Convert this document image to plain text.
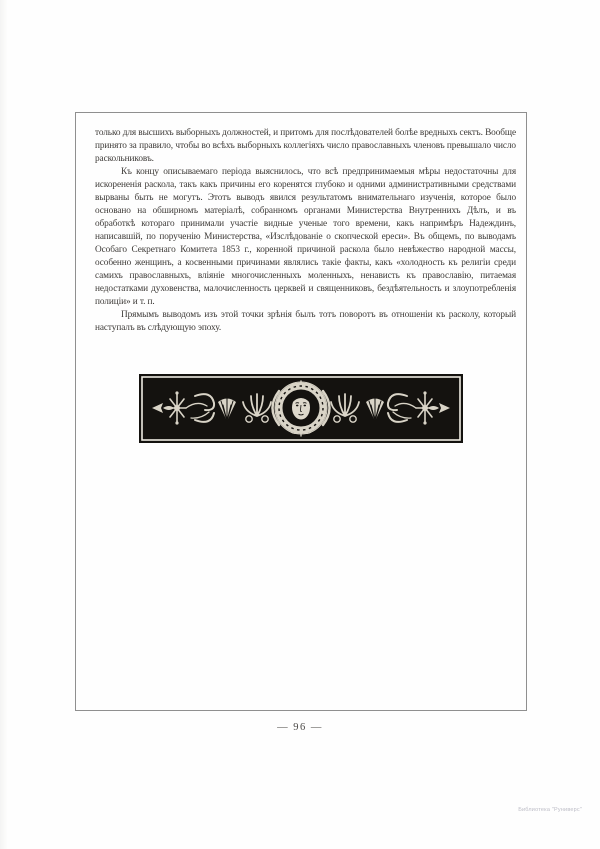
только для высшихъ выборныхъ должностей, и притомъ для послѣдователей болѣе вредныхъ сектъ. Вообще принято за правило, чтобы во всѣхъ выборныхъ коллегіяхъ число православныхъ членовъ превышало число раскольниковъ.

Къ концу описываемаго періода выяснилось, что всѣ предпринимаемыя мѣры недостаточны для искорененія раскола, такъ какъ причины его коренятся глубоко и одними административными средствами вырваны быть не могутъ. Этотъ выводъ явился результатомъ внимательнаго изученія, которое было основано на обширномъ матеріалѣ, собранномъ органами Министерства Внутреннихъ Дѣлъ, и въ обработкѣ котораго принимали участіе видные ученые того времени, какъ напримѣръ Надеждинъ, написавшій, по порученію Министерства, «Изслѣдованіе о скопческой ереси». Въ общемъ, по выводамъ Особаго Секретнаго Комитета 1853 г., коренной причиной раскола было невѣжество народной массы, особенно женщинъ, а косвенными причинами являлись такіе факты, какъ «холодность къ религіи среди самихъ православныхъ, вліяніе многочисленныхъ моленныхъ, ненависть къ православію, питаемая недостатками духовенства, малочисленность церквей и священниковъ, бездѣятельность и злоупотребленія полиціи» и т. п.

Прямымъ выводомъ изъ этой точки зрѣнія былъ тотъ поворотъ въ отношеніи къ расколу, который наступалъ въ слѣдующую эпоху.

— 96 —
Библиотека "Руниверс"
